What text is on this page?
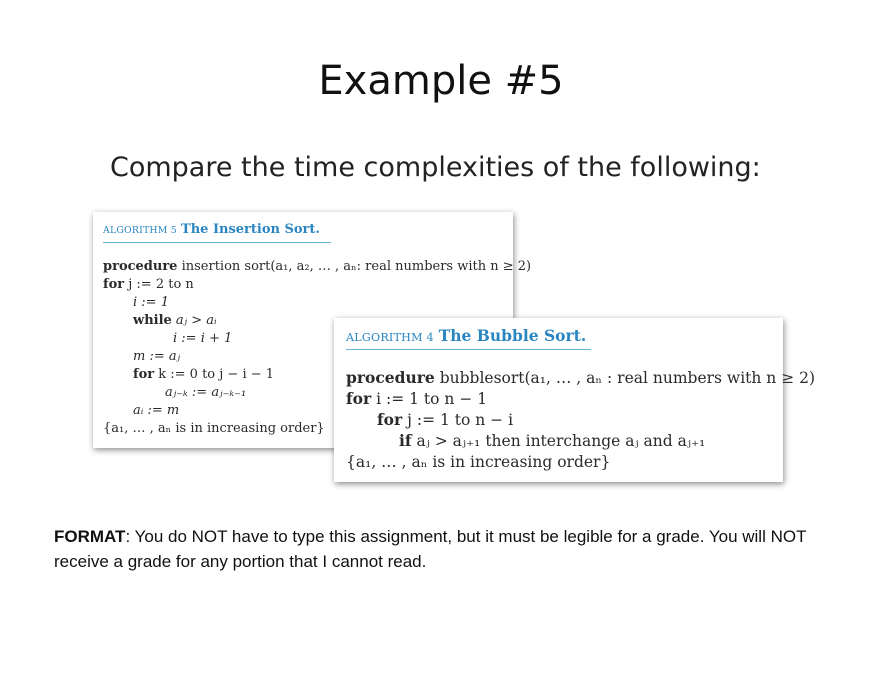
Example #5
Compare the time complexities of the following:
ALGORITHM 5 The Insertion Sort.
procedure insertion sort(a₁, a₂, … , aₙ: real numbers with n ≥ 2)
for j := 2 to n
i := 1
while aⱼ > aᵢ
i := i + 1
m := aⱼ
for k := 0 to j − i − 1
aⱼ₋ₖ := aⱼ₋ₖ₋₁
aᵢ := m
{a₁, … , aₙ is in increasing order}
ALGORITHM 4 The Bubble Sort.
procedure bubblesort(a₁, … , aₙ : real numbers with n ≥ 2)
for i := 1 to n − 1
for j := 1 to n − i
if aⱼ > aⱼ₊₁ then interchange aⱼ and aⱼ₊₁
{a₁, … , aₙ is in increasing order}
FORMAT: You do NOT have to type this assignment, but it must be legible for a grade. You will NOT receive a grade for any portion that I cannot read.
